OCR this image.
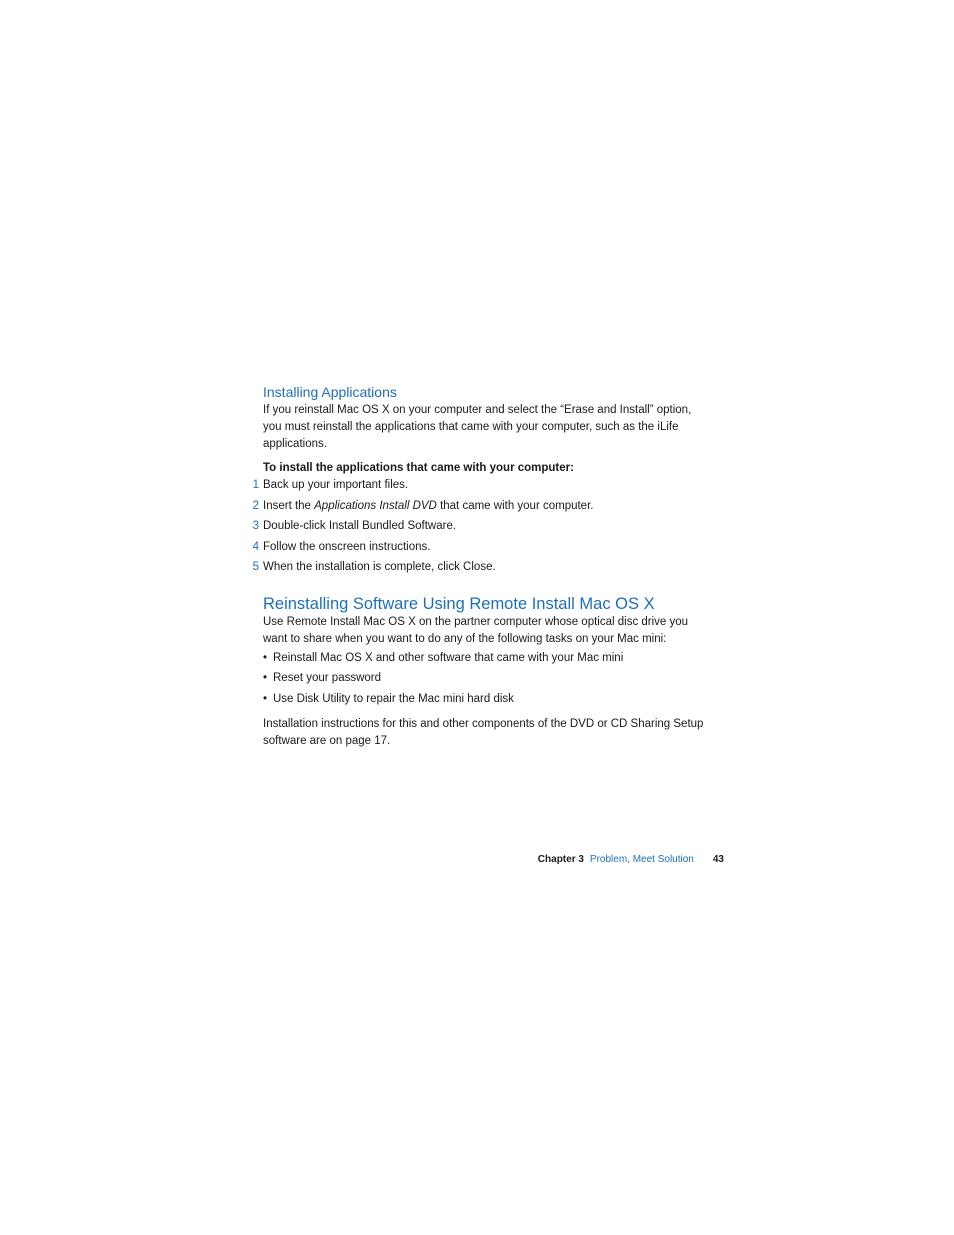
Installing Applications

If you reinstall Mac OS X on your computer and select the “Erase and Install” option, you must reinstall the applications that came with your computer, such as the iLife applications.

To install the applications that came with your computer:

1 Back up your important files.
2 Insert the Applications Install DVD that came with your computer.
3 Double-click Install Bundled Software.
4 Follow the onscreen instructions.
5 When the installation is complete, click Close.
Reinstalling Software Using Remote Install Mac OS X

Use Remote Install Mac OS X on the partner computer whose optical disc drive you want to share when you want to do any of the following tasks on your Mac mini:

• Reinstall Mac OS X and other software that came with your Mac mini
• Reset your password
• Use Disk Utility to repair the Mac mini hard disk

Installation instructions for this and other components of the DVD or CD Sharing Setup software are on page 17.

Chapter 3 Problem, Meet Solution 43
